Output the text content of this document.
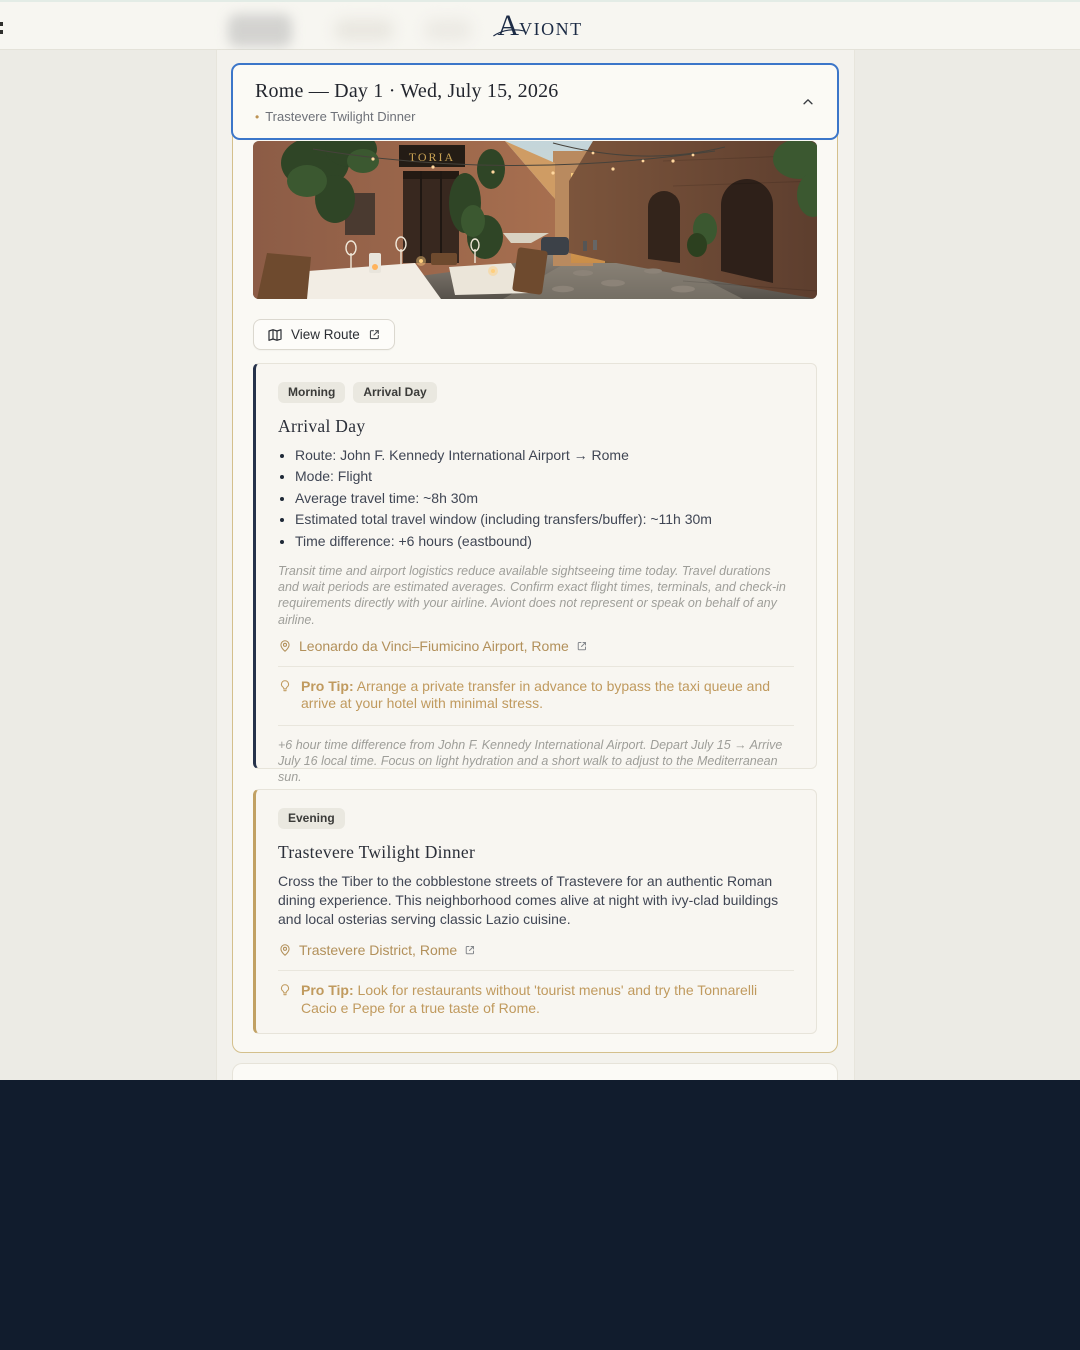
A VIONT
Rome — Day 1 · Wed, July 15, 2026
• Trastevere Twilight Dinner
TORIA
View Route
Morning	Arrival Day
Arrival Day
• Route: John F. Kennedy International Airport → Rome
• Mode: Flight
• Average travel time: ~8h 30m
• Estimated total travel window (including transfers/buffer): ~11h 30m
• Time difference: +6 hours (eastbound)
Transit time and airport logistics reduce available sightseeing time today. Travel durations and wait periods are estimated averages. Confirm exact flight times, terminals, and check-in requirements directly with your airline. Aviont does not represent or speak on behalf of any airline.
Leonardo da Vinci–Fiumicino Airport, Rome
Pro Tip: Arrange a private transfer in advance to bypass the taxi queue and arrive at your hotel with minimal stress.
+6 hour time difference from John F. Kennedy International Airport. Depart July 15 → Arrive July 16 local time. Focus on light hydration and a short walk to adjust to the Mediterranean sun.
Evening
Trastevere Twilight Dinner
Cross the Tiber to the cobblestone streets of Trastevere for an authentic Roman dining experience. This neighborhood comes alive at night with ivy-clad buildings and local osterias serving classic Lazio cuisine.
Trastevere District, Rome
Pro Tip: Look for restaurants without 'tourist menus' and try the Tonnarelli Cacio e Pepe for a true taste of Rome.
